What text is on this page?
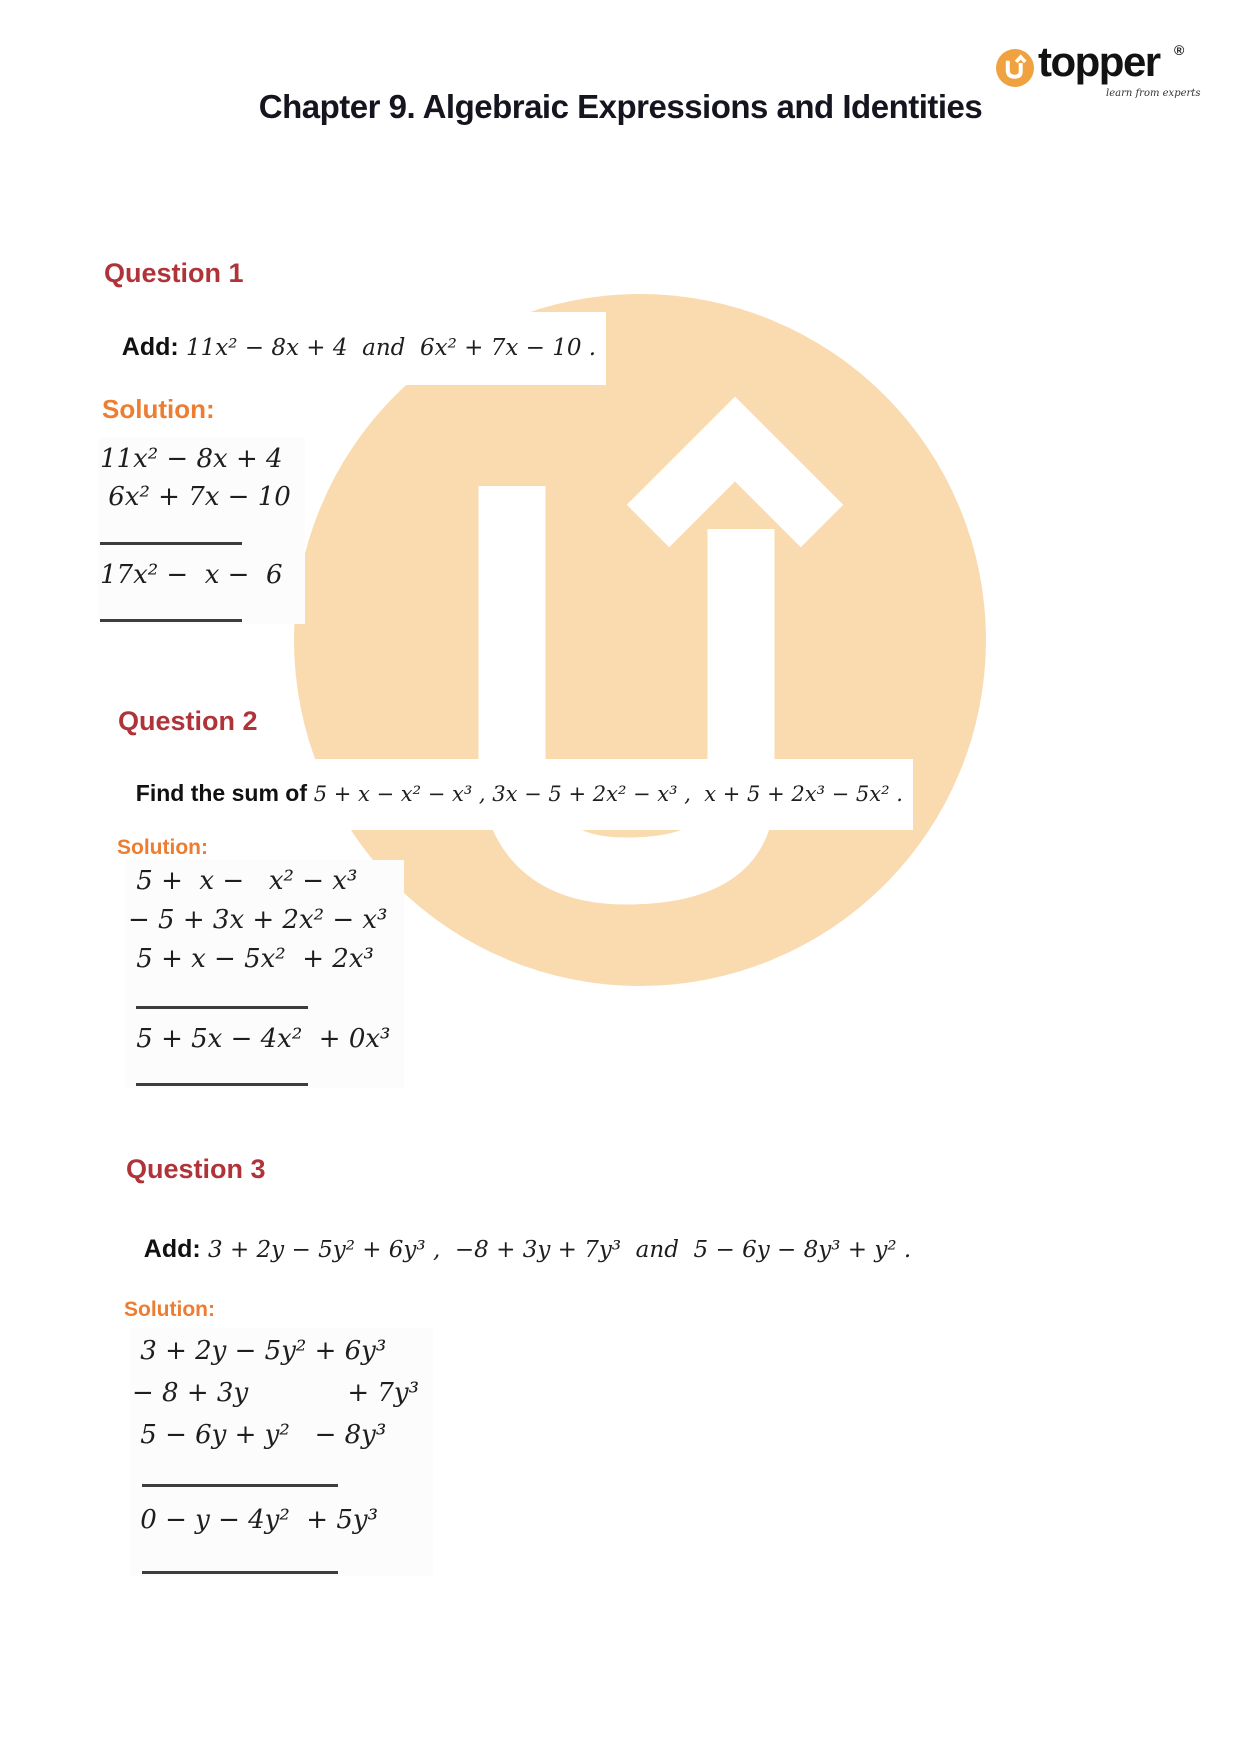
topper ®
learn from experts
Chapter 9. Algebraic Expressions and Identities
Question 1

Add: 11x² − 8x + 4  and  6x² + 7x − 10 .

Solution:
11x² − 8x + 4
6x² + 7x − 10
17x² −  x −  6
Question 2

Find the sum of 5 + x − x² − x³ , 3x − 5 + 2x² − x³ ,  x + 5 + 2x³ − 5x² .

Solution:
5 +  x −   x² − x³
− 5 + 3x + 2x² − x³
5 + x − 5x²  + 2x³
5 + 5x − 4x²  + 0x³
Question 3

Add: 3 + 2y − 5y² + 6y³ ,  −8 + 3y + 7y³  and  5 − 6y − 8y³ + y² .

Solution:
3 + 2y − 5y² + 6y³
− 8 + 3y            + 7y³
5 − 6y + y²   − 8y³
0 − y − 4y²  + 5y³
